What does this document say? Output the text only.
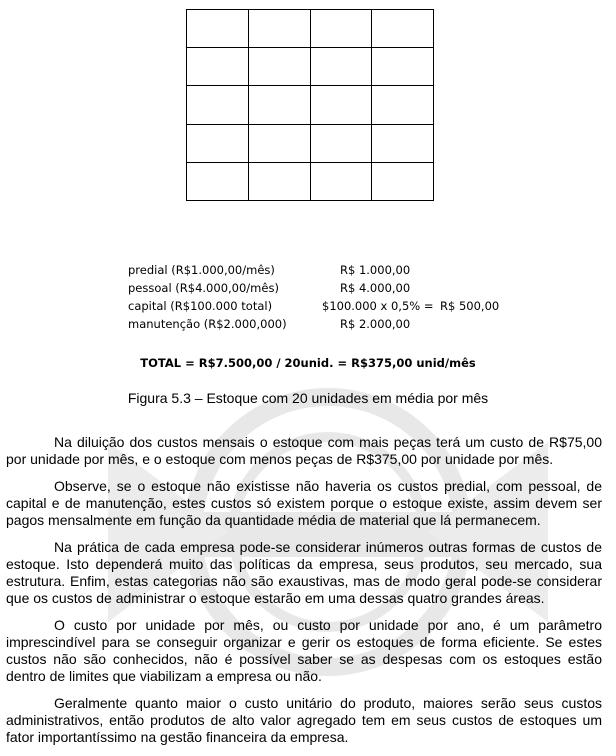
predial (R$1.000,00/mês)	R$ 1.000,00
pessoal (R$4.000,00/mês)	R$ 4.000,00
capital (R$100.000 total)	$100.000 x 0,5% = R$ 500,00
manutenção (R$2.000,000)	R$ 2.000,00
TOTAL = R$7.500,00 / 20unid. = R$375,00 unid/mês
Figura 5.3 – Estoque com 20 unidades em média por mês

Na diluição dos custos mensais o estoque com mais peças terá um custo de R$75,00 por unidade por mês, e o estoque com menos peças de R$375,00 por unidade por mês.

Observe, se o estoque não existisse não haveria os custos predial, com pessoal, de capital e de manutenção, estes custos só existem porque o estoque existe, assim devem ser pagos mensalmente em função da quantidade média de material que lá permanecem.

Na prática de cada empresa pode-se considerar inúmeros outras formas de custos de estoque. Isto dependerá muito das políticas da empresa, seus produtos, seu mercado, sua estrutura. Enfim, estas categorias não são exaustivas, mas de modo geral pode-se considerar que os custos de administrar o estoque estarão em uma dessas quatro grandes áreas.

O custo por unidade por mês, ou custo por unidade por ano, é um parâmetro imprescindível para se conseguir organizar e gerir os estoques de forma eficiente. Se estes custos não são conhecidos, não é possível saber se as despesas com os estoques estão dentro de limites que viabilizam a empresa ou não.

Geralmente quanto maior o custo unitário do produto, maiores serão seus custos administrativos, então produtos de alto valor agregado tem em seus custos de estoques um fator importantíssimo na gestão financeira da empresa.
